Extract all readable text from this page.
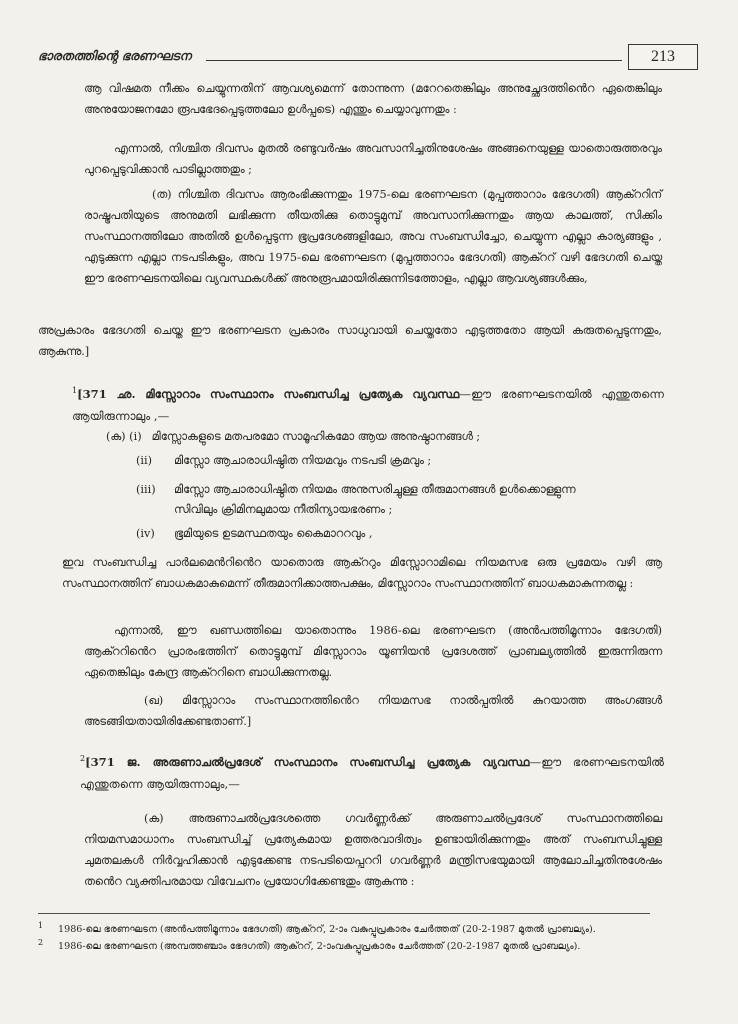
ഭാരതത്തിന്റെ ഭരണഘടന	213

ആ വിഷമത നീക്കം ചെയ്യുന്നതിന് ആവശ്യമെന്ന് തോന്നുന്ന (മറേറതെങ്കിലും അനുച്ഛേദത്തിൻെറ ഏതെങ്കിലും അനുയോജനമോ രൂപഭേദപ്പെടുത്തലോ ഉൾപ്പടെ) എന്തും ചെയ്യാവുന്നതും :

എന്നാൽ, നിശ്ചിത ദിവസം മുതൽ രണ്ടുവർഷം അവസാനിച്ചതിനുശേഷം അങ്ങനെയുള്ള യാതൊരുത്തരവും പുറപ്പെടുവിക്കാൻ പാടില്ലാത്തതും ;

(ത) നിശ്ചിത ദിവസം ആരംഭിക്കുന്നതും 1975-ലെ ഭരണഘടന (മുപ്പത്താറാം ഭേദഗതി) ആക്ററിന് രാഷ്ട്രപതിയുടെ അനുമതി ലഭിക്കുന്ന തീയതിക്കു തൊട്ടുമുമ്പ് അവസാനിക്കുന്നതും ആയ കാലത്ത്, സിക്കിം സംസ്ഥാനത്തിലോ അതിൽ ഉൾപ്പെടുന്ന ഭൂപ്രദേശങ്ങളിലോ, അവ സംബന്ധിച്ചോ, ചെയ്യുന്ന എല്ലാ കാര്യങ്ങളും , എടുക്കുന്ന എല്ലാ നടപടികളും, അവ 1975-ലെ ഭരണഘടന (മുപ്പത്താറാം ഭേദഗതി) ആക്ററ് വഴി ഭേദഗതി ചെയ്ത ഈ ഭരണഘടനയിലെ വ്യവസ്ഥകൾക്ക് അനുരൂപമായിരിക്കുന്നിടത്തോളം, എല്ലാ ആവശ്യങ്ങൾക്കും,

അപ്രകാരം ഭേദഗതി ചെയ്ത ഈ ഭരണഘടന പ്രകാരം സാധുവായി ചെയ്തതോ എടുത്തതോ ആയി കരുതപ്പെടുന്നതും, ആകുന്നു.]

$^1$[371 ഛ. മിസ്സോറാം സംസ്ഥാനം സംബന്ധിച്ച പ്രത്യേക വ്യവസ്ഥ—ഈ ഭരണഘടനയിൽ എന്തുതന്നെ ആയിരുന്നാലും ,—

(ക) (i) മിസ്സോകളുടെ മതപരമോ സാമൂഹികമോ ആയ അനുഷ്ഠാനങ്ങൾ ;

(ii) മിസ്സോ ആചാരാധിഷ്ഠിത നിയമവും നടപടി ക്രമവും ;

(iii) മിസ്സോ ആചാരാധിഷ്ഠിത നിയമം അനുസരിച്ചുള്ള തീരുമാനങ്ങൾ ഉൾക്കൊള്ളുന്ന

സിവിലും ക്രിമിനലുമായ നീതിന്യായഭരണം ;

(iv) ഭൂമിയുടെ ഉടമസ്ഥതയും കൈമാററവും ,

ഇവ സംബന്ധിച്ച പാർലമെൻറിൻെറ യാതൊരു ആക്ററും മിസ്സോറാമിലെ നിയമസഭ ഒരു പ്രമേയം വഴി ആ സംസ്ഥാനത്തിന് ബാധകമാകുമെന്ന് തീരുമാനിക്കാത്തപക്ഷം, മിസ്സോറാം സംസ്ഥാനത്തിന് ബാധകമാകുന്നതല്ല :

എന്നാൽ, ഈ ഖണ്ഡത്തിലെ യാതൊന്നും 1986-ലെ ഭരണഘടന (അൻപത്തിമൂന്നാം ഭേദഗതി) ആക്ററിൻെറ പ്രാരംഭത്തിന് തൊട്ടുമുമ്പ് മിസ്സോറാം യൂണിയൻ പ്രദേശത്ത് പ്രാബല്യത്തിൽ ഇരുന്നിരുന്ന ഏതെങ്കിലും കേന്ദ്ര ആക്ററിനെ ബാധിക്കുന്നതല്ല.

(ഖ) മിസ്സോറാം സംസ്ഥാനത്തിൻെറ നിയമസഭ നാൽപ്പതിൽ കുറയാത്ത അംഗങ്ങൾ അടങ്ങിയതായിരിക്കേണ്ടതാണ്.]

$^2$[371 ജ. അരുണാചൽപ്രദേശ് സംസ്ഥാനം സംബന്ധിച്ച പ്രത്യേക വ്യവസ്ഥ—ഈ ഭരണഘടനയിൽ എന്തുതന്നെ ആയിരുന്നാലും,—

(ക) അരുണാചൽപ്രദേശത്തെ ഗവർണ്ണർക്ക് അരുണാചൽപ്രദേശ് സംസ്ഥാനത്തിലെ നിയമസമാധാനം സംബന്ധിച്ച് പ്രത്യേകമായ ഉത്തരവാദിത്വം ഉണ്ടായിരിക്കുന്നതും അത് സംബന്ധിച്ചുള്ള ചുമതലകൾ നിർവ്വഹിക്കാൻ എടുക്കേണ്ട നടപടിയെപ്പററി ഗവർണ്ണർ മന്ത്രിസഭയുമായി ആലോചിച്ചതിനുശേഷം തൻെറ വ്യക്തിപരമായ വിവേചനം പ്രയോഗിക്കേണ്ടതും ആകുന്നു :

1 1986-ലെ ഭരണഘടന (അൻപത്തിമൂന്നാം ഭേദഗതി) ആക്ററ്, 2-ാം വകുപ്പുപ്രകാരം ചേർത്തത് (20-2-1987 മുതൽ പ്രാബല്യം).
2 1986-ലെ ഭരണഘടന (അമ്പത്തഞ്ചാം ഭേദഗതി) ആക്ററ്, 2-ാംവകുപ്പുപ്രകാരം ചേർത്തത് (20-2-1987 മുതൽ പ്രാബല്യം).
